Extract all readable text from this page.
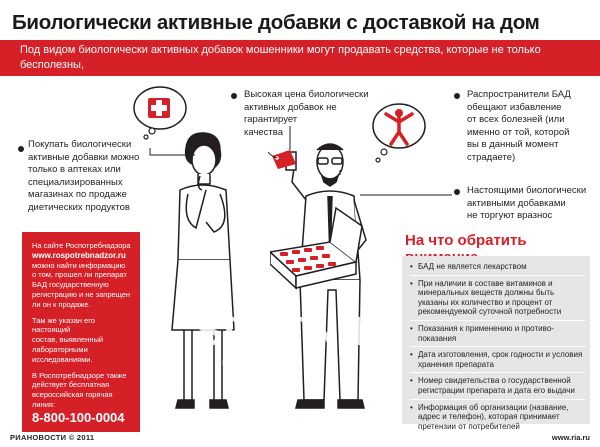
Биологически активные добавки с доставкой на дом
Под видом биологически активных добавок мошенники могут продавать средства, которые не только бесполезны,
но и вредны для здоровья
Покупать биологически
активные добавки можно
только в аптеках или
специализированных
магазинах по продаже
диетических продуктов
Высокая цена биологически
активных добавок не гарантирует
качества
Распространители БАД
обещают избавление
от всех болезней (или
именно от той, которой
вы в данный момент
страдаете)
Настоящими биологически
активными добавками
не торгуют вразнос

На сайте Роспотребнадзора
www.rospotrebnadzor.ru
можно найти информацию
о том, прошел ли препарат
БАД государственную
регистрацию и не запрещен
ли он к продаже.

Там же указан его настоящий
состав, выявленный
лабораторными
исследованиями.

В Роспотребнадзоре также
действует бесплатная
всероссийская горячая линия:
8-800-100-0004

На что обратить
• БАД не является лекарством
• При наличии в составе витаминов и минеральных веществ должны быть указаны их количество и процент от рекомендуемой суточной потребности
• Показания к применению и противо-показания
• Дата изготовления, срок годности и условия хранения препарата
• Номер свидетельства о государственной регистрации препарата и дата его выдачи
• Информация об организации (название, адрес и телефон), которая принимает претензии от потребителей
SPUTNIK
#946021
РИАНОВОСТИ © 2011	www.ria.ru
